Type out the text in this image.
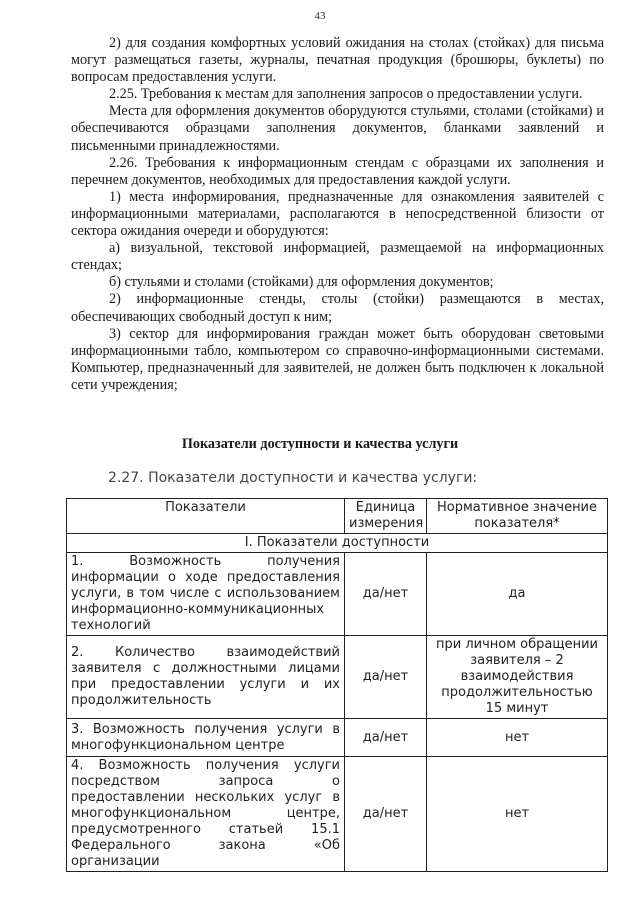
43

2) для создания комфортных условий ожидания на столах (стойках) для письма могут размещаться газеты, журналы, печатная продукция (брошюры, буклеты) по вопросам предоставления услуги.

2.25. Требования к местам для заполнения запросов о предоставлении услуги.

Места для оформления документов оборудуются стульями, столами (стойками) и обеспечиваются образцами заполнения документов, бланками заявлений и письменными принадлежностями.

2.26. Требования к информационным стендам с образцами их заполнения и перечнем документов, необходимых для предоставления каждой услуги.

1) места информирования, предназначенные для ознакомления заявителей с информационными материалами, располагаются в непосредственной близости от сектора ожидания очереди и оборудуются:

а) визуальной, текстовой информацией, размещаемой на информационных стендах;

б) стульями и столами (стойками) для оформления документов;

2) информационные стенды, столы (стойки) размещаются в местах, обеспечивающих свободный доступ к ним;

3) сектор для информирования граждан может быть оборудован световыми информационными табло, компьютером со справочно-информационными системами. Компьютер, предназначенный для заявителей, не должен быть подключен к локальной сети учреждения;

Показатели доступности и качества услуги
2.27. Показатели доступности и качества услуги:
Показатели	Единица измерения	Нормативное значение показателя*
I. Показатели доступности		
1. Возможность получения информации о ходе предоставления услуги, в том числе с использованием информационно-коммуникационных технологий	да/нет	да
2. Количество взаимодействий заявителя с должностными лицами при предоставлении услуги и их продолжительность	да/нет	при личном обращении заявителя – 2 взаимодействия продолжительностью 15 минут
3. Возможность получения услуги в многофункциональном центре	да/нет	нет
4. Возможность получения услуги посредством запроса о предоставлении нескольких услуг в многофункциональном центре, предусмотренного статьей 15.1 Федерального закона «Об организации	да/нет	нет
